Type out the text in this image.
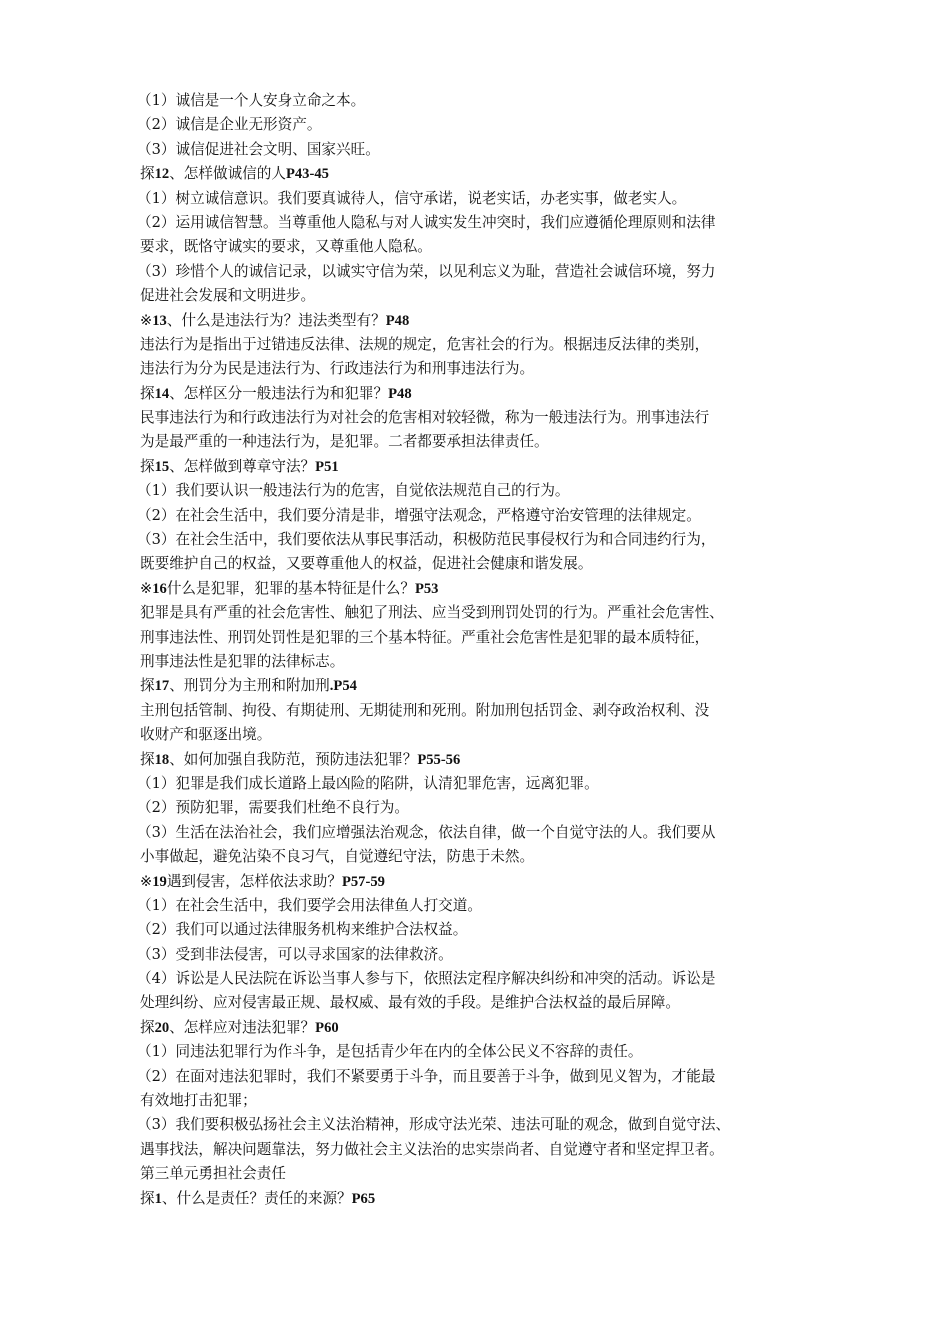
（1）诚信是一个人安身立命之本。
（2）诚信是企业无形资产。
（3）诚信促进社会文明、国家兴旺。
探12、怎样做诚信的人P43-45
（1）树立诚信意识。我们要真诚待人，信守承诺，说老实话，办老实事，做老实人。
（2）运用诚信智慧。当尊重他人隐私与对人诚实发生冲突时，我们应遵循伦理原则和法律
要求，既恪守诚实的要求，又尊重他人隐私。
（3）珍惜个人的诚信记录，以诚实守信为荣，以见利忘义为耻，营造社会诚信环境，努力
促进社会发展和文明进步。
※13、什么是违法行为？违法类型有？P48
违法行为是指出于过错违反法律、法规的规定，危害社会的行为。根据违反法律的类别，
违法行为分为民是违法行为、行政违法行为和刑事违法行为。
探14、怎样区分一般违法行为和犯罪？P48
民事违法行为和行政违法行为对社会的危害相对较轻微，称为一般违法行为。刑事违法行
为是最严重的一种违法行为，是犯罪。二者都要承担法律责任。
探15、怎样做到尊章守法？P51
（1）我们要认识一般违法行为的危害，自觉依法规范自己的行为。
（2）在社会生活中，我们要分清是非，增强守法观念，严格遵守治安管理的法律规定。
（3）在社会生活中，我们要依法从事民事活动，积极防范民事侵权行为和合同违约行为，
既要维护自己的权益，又要尊重他人的权益，促进社会健康和谐发展。
※16什么是犯罪，犯罪的基本特征是什么？P53
犯罪是具有严重的社会危害性、触犯了刑法、应当受到刑罚处罚的行为。严重社会危害性、
刑事违法性、刑罚处罚性是犯罪的三个基本特征。严重社会危害性是犯罪的最本质特征，
刑事违法性是犯罪的法律标志。
探17、刑罚分为主刑和附加刑.P54
主刑包括管制、拘役、有期徒刑、无期徒刑和死刑。附加刑包括罚金、剥夺政治权利、没
收财产和驱逐出境。
探18、如何加强自我防范，预防违法犯罪？P55-56
（1）犯罪是我们成长道路上最凶险的陷阱，认清犯罪危害，远离犯罪。
（2）预防犯罪，需要我们杜绝不良行为。
（3）生活在法治社会，我们应增强法治观念，依法自律，做一个自觉守法的人。我们要从
小事做起，避免沾染不良习气，自觉遵纪守法，防患于未然。
※19遇到侵害，怎样依法求助？P57-59
（1）在社会生活中，我们要学会用法律鱼人打交道。
（2）我们可以通过法律服务机构来维护合法权益。
（3）受到非法侵害，可以寻求国家的法律救济。
（4）诉讼是人民法院在诉讼当事人参与下，依照法定程序解决纠纷和冲突的活动。诉讼是
处理纠纷、应对侵害最正规、最权威、最有效的手段。是维护合法权益的最后屏障。
探20、怎样应对违法犯罪？P60
（1）同违法犯罪行为作斗争，是包括青少年在内的全体公民义不容辞的责任。
（2）在面对违法犯罪时，我们不紧要勇于斗争，而且要善于斗争，做到见义智为，才能最
有效地打击犯罪；
（3）我们要积极弘扬社会主义法治精神，形成守法光荣、违法可耻的观念，做到自觉守法、
遇事找法，解决问题靠法，努力做社会主义法治的忠实崇尚者、自觉遵守者和坚定捍卫者。
第三单元勇担社会责任
探1、什么是责任？责任的来源？P65
